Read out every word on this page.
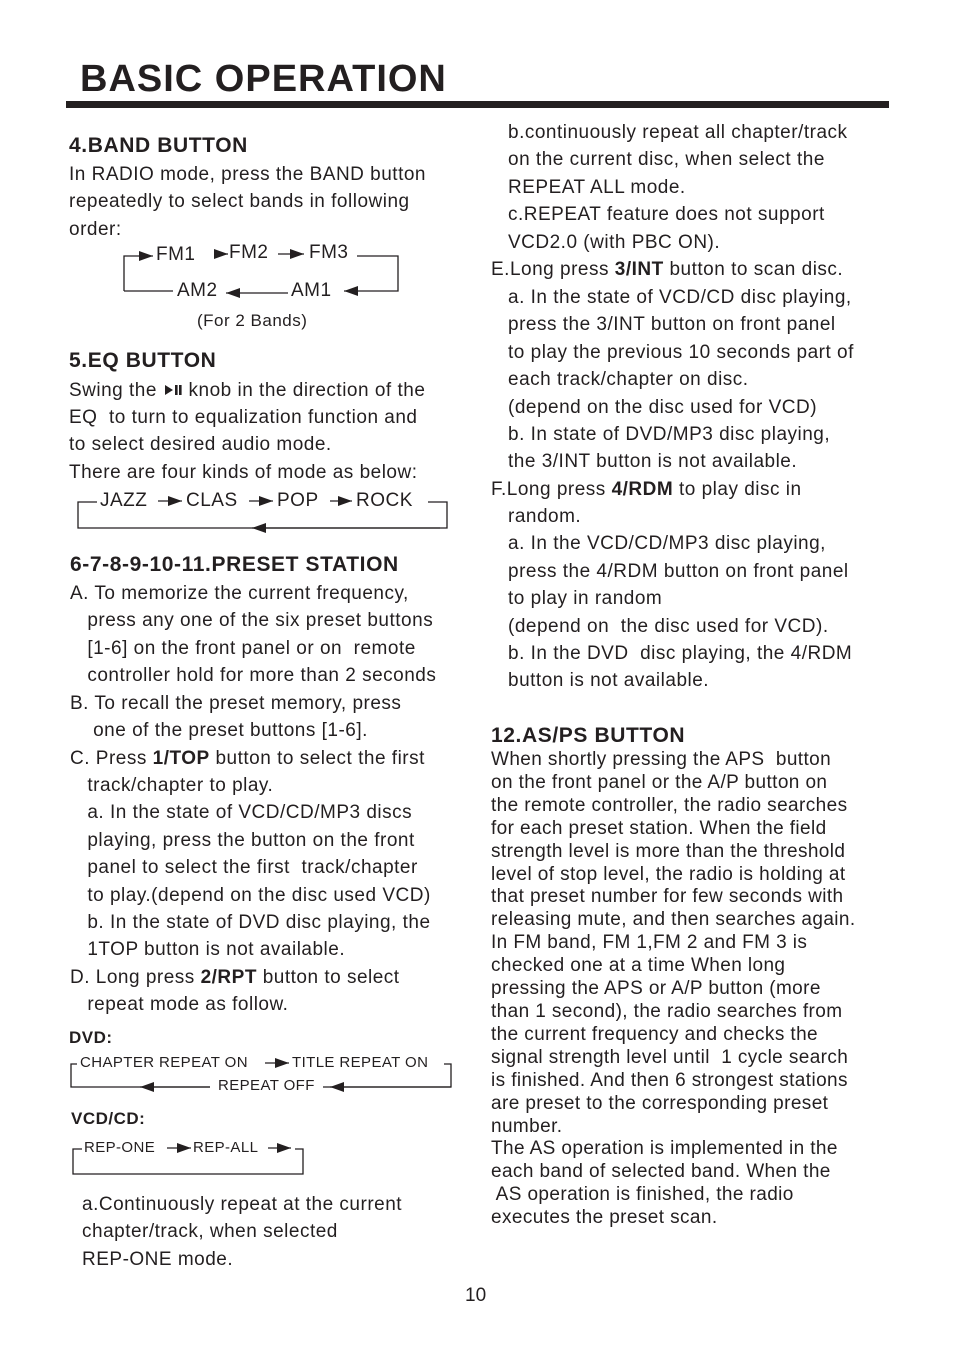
BASIC OPERATION
4.BAND BUTTON

In RADIO mode, press the BAND button
repeatedly to select bands in following
order:

FM1 FM2 FM3
AM1
AM2
(For 2 Bands)
5.EQ BUTTON

Swing the  knob in the direction of the

EQ  to turn to equalization function and
to select desired audio mode.
There are four kinds of mode as below:

JAZZ CLAS POP ROCK
6-7-8-9-10-11.PRESET STATION

A. To memorize the current frequency,
press any one of the six preset buttons
[1-6] on the front panel or on  remote
controller hold for more than 2 seconds

B. To recall the preset memory, press
one of the preset buttons [1-6].

C. Press 1/TOP button to select the first

track/chapter to play.
a. In the state of VCD/CD/MP3 discs
playing, press the button on the front
panel to select the first  track/chapter
to play.(depend on the disc used VCD)
b. In the state of DVD disc playing, the
1TOP button is not available.

D. Long press 2/RPT button to select

repeat mode as follow.

DVD:
CHAPTER REPEAT ON	TITLE REPEAT ON
REPEAT OFF
VCD/CD:
REP-ONE	REP-ALL

a.Continuously repeat at the current
chapter/track, when selected
REP-ONE mode.

b.continuously repeat all chapter/track
on the current disc, when select the
REPEAT ALL mode.
c.REPEAT feature does not support
VCD2.0 (with PBC ON).

E.Long press 3/INT button to scan disc.

a. In the state of VCD/CD disc playing,
press the 3/INT button on front panel
to play the previous 10 seconds part of
each track/chapter on disc.
(depend on the disc used for VCD)
b. In state of DVD/MP3 disc playing,
the 3/INT button is not available.

F.Long press 4/RDM to play disc in

random.
a. In the VCD/CD/MP3 disc playing,
press the 4/RDM button on front panel
to play in random
(depend on  the disc used for VCD).
b. In the DVD  disc playing, the 4/RDM
button is not available.

12.AS/PS BUTTON

When shortly pressing the APS  button
on the front panel or the A/P button on
the remote controller, the radio searches
for each preset station. When the field
strength level is more than the threshold
level of stop level, the radio is holding at
that preset number for few seconds with
releasing mute, and then searches again.
In FM band, FM 1,FM 2 and FM 3 is
checked one at a time When long
pressing the APS or A/P button (more
than 1 second), the radio searches from
the current frequency and checks the
signal strength level until  1 cycle search
is finished. And then 6 strongest stations
are preset to the corresponding preset
number.
The AS operation is implemented in the
each band of selected band. When the
AS operation is finished, the radio
executes the preset scan.

10
